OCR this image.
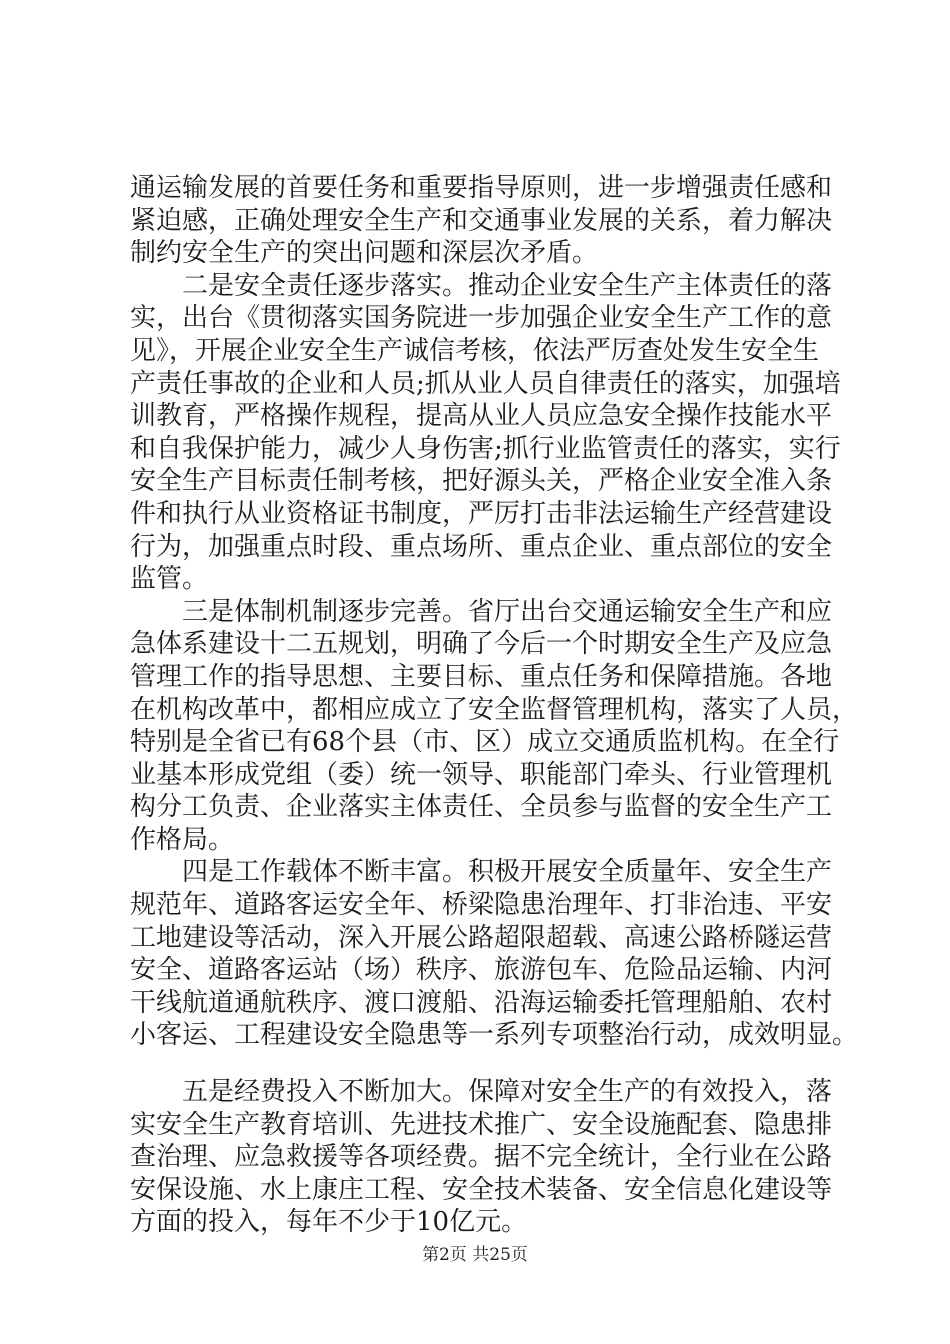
通运输发展的首要任务和重要指导原则，进一步增强责任感和
紧迫感，正确处理安全生产和交通事业发展的关系，着力解决
制约安全生产的突出问题和深层次矛盾。
　　二是安全责任逐步落实。推动企业安全生产主体责任的落
实，出台《贯彻落实国务院进一步加强企业安全生产工作的意
见》，开展企业安全生产诚信考核，依法严厉查处发生安全生
产责任事故的企业和人员;抓从业人员自律责任的落实，加强培
训教育，严格操作规程，提高从业人员应急安全操作技能水平
和自我保护能力，减少人身伤害;抓行业监管责任的落实，实行
安全生产目标责任制考核，把好源头关，严格企业安全准入条
件和执行从业资格证书制度，严厉打击非法运输生产经营建设
行为，加强重点时段、重点场所、重点企业、重点部位的安全
监管。
　　三是体制机制逐步完善。省厅出台交通运输安全生产和应
急体系建设十二五规划，明确了今后一个时期安全生产及应急
管理工作的指导思想、主要目标、重点任务和保障措施。各地
在机构改革中，都相应成立了安全监督管理机构，落实了人员，
特别是全省已有68个县（市、区）成立交通质监机构。在全行
业基本形成党组（委）统一领导、职能部门牵头、行业管理机
构分工负责、企业落实主体责任、全员参与监督的安全生产工
作格局。
　　四是工作载体不断丰富。积极开展安全质量年、安全生产
规范年、道路客运安全年、桥梁隐患治理年、打非治违、平安
工地建设等活动，深入开展公路超限超载、高速公路桥隧运营
安全、道路客运站（场）秩序、旅游包车、危险品运输、内河
干线航道通航秩序、渡口渡船、沿海运输委托管理船舶、农村
小客运、工程建设安全隐患等一系列专项整治行动，成效明显。
　　五是经费投入不断加大。保障对安全生产的有效投入，落
实安全生产教育培训、先进技术推广、安全设施配套、隐患排
查治理、应急救援等各项经费。据不完全统计，全行业在公路
安保设施、水上康庄工程、安全技术装备、安全信息化建设等
方面的投入，每年不少于10亿元。
第2页 共25页
